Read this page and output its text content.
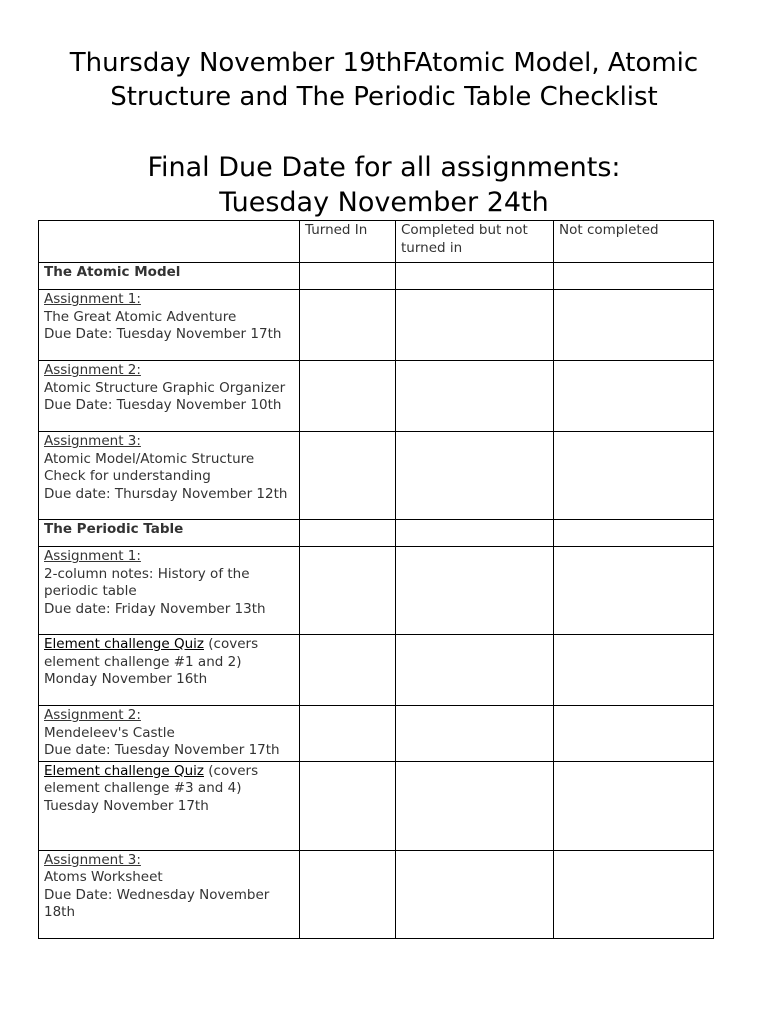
Thursday November 19thFAtomic Model, Atomic
Structure and The Periodic Table Checklist
Final Due Date for all assignments:
Tuesday November 24th
	Turned In	Completed but not turned in	Not completed
The Atomic Model			

Assignment 1:
The Great Atomic Adventure
Due Date: Tuesday November 17th			

Assignment 2:
Atomic Structure Graphic Organizer
Due Date: Tuesday November 10th			

Assignment 3:
Atomic Model/Atomic Structure
Check for understanding
Due date: Thursday November 12th			

The Periodic Table			

Assignment 1:
2-column notes: History of the
periodic table
Due date: Friday November 13th			

Element challenge Quiz (covers
element challenge #1 and 2)
Monday November 16th			

Assignment 2:
Mendeleev's Castle
Due date: Tuesday November 17th			

Element challenge Quiz (covers
element challenge #3 and 4)
Tuesday November 17th			

Assignment 3:
Atoms Worksheet
Due Date: Wednesday November
18th			
